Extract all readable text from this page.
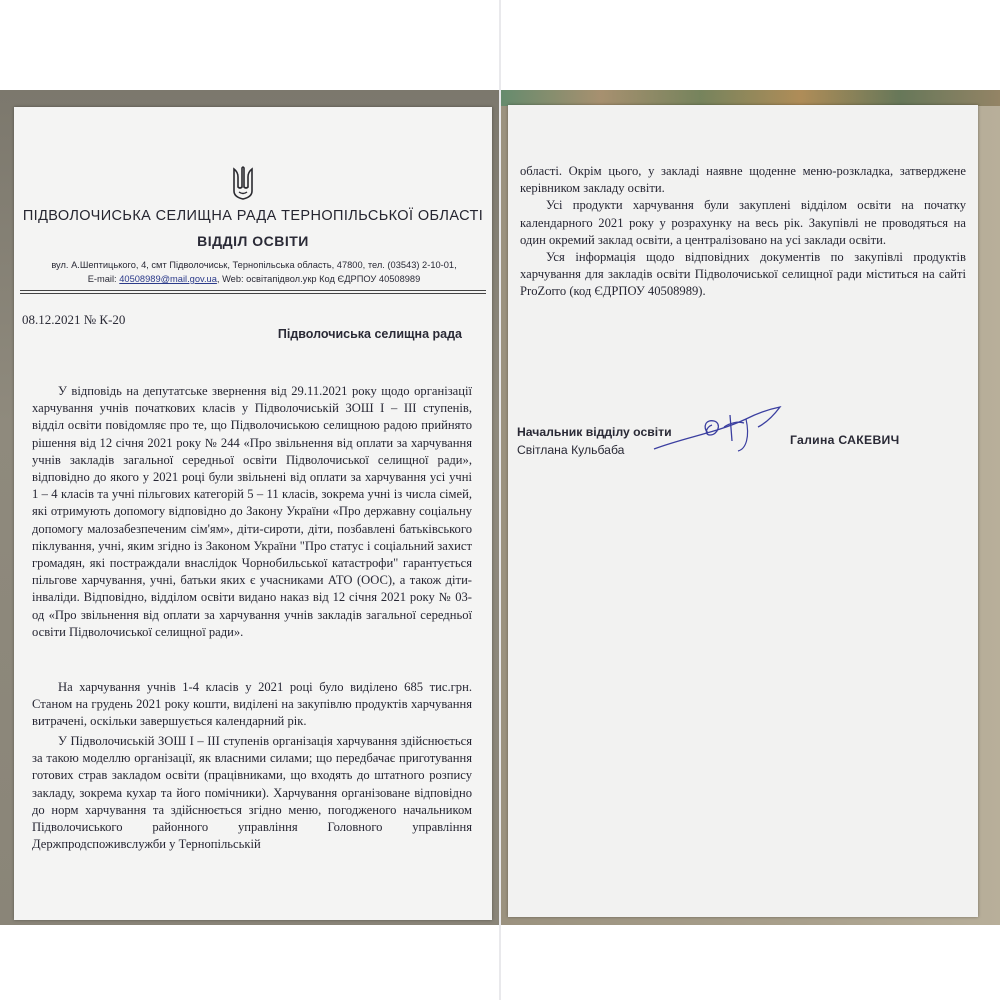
ПІДВОЛОЧИСЬКА СЕЛИЩНА РАДА ТЕРНОПІЛЬСЬКОЇ ОБЛАСТІ
ВІДДІЛ ОСВІТИ
вул. А.Шептицького, 4, смт Підволочиськ, Тернопільська область, 47800, тел. (03543) 2-10-01,
E-mail: 40508989@mail.gov.ua, Web: освітапідвол.укр Код ЄДРПОУ 40508989
08.12.2021 № К-20
Підволочиська селищна рада

У відповідь на депутатське звернення від 29.11.2021 року щодо організації харчування учнів початкових класів у Підволочиській ЗОШ І – ІІІ ступенів, відділ освіти повідомляє про те, що Підволочиською селищною радою прийнято рішення від 12 січня 2021 року № 244 «Про звільнення від оплати за харчування учнів закладів загальної середньої освіти Підволочиської селищної ради», відповідно до якого у 2021 році були звільнені від оплати за харчування усі учні 1 – 4 класів та учні пільгових категорій 5 – 11 класів, зокрема учні із числа сімей, які отримують допомогу відповідно до Закону України «Про державну соціальну допомогу малозабезпеченим сім'ям», діти-сироти, діти, позбавлені батьківського піклування, учні, яким згідно із Законом України "Про статус і соціальний захист громадян, які постраждали внаслідок Чорнобильської катастрофи" гарантується пільгове харчування, учні, батьки яких є учасниками АТО (ООС), а також діти-інваліди. Відповідно, відділом освіти видано наказ від 12 січня 2021 року № 03-од «Про звільнення від оплати за харчування учнів закладів загальної середньої освіти Підволочиської селищної ради».

На харчування учнів 1-4 класів у 2021 році було виділено 685 тис.грн. Станом на грудень 2021 року кошти, виділені на закупівлю продуктів харчування витрачені, оскільки завершується календарний рік.

У Підволочиській ЗОШ І – ІІІ ступенів організація харчування здійснюється за такою моделлю організації, як власними силами; що передбачає приготування готових страв закладом освіти (працівниками, що входять до штатного розпису закладу, зокрема кухар та його помічники). Харчування організоване відповідно до норм харчування та здійснюється згідно меню, погодженого начальником Підволочиського районного управління Головного управління Держпродспоживслужби у Тернопільській

області. Окрім цього, у закладі наявне щоденне меню-розкладка, затверджене керівником закладу освіти.

Усі продукти харчування були закуплені відділом освіти на початку календарного 2021 року у розрахунку на весь рік. Закупівлі не проводяться на один окремий заклад освіти, а централізовано на усі заклади освіти.

Уся інформація щодо відповідних документів по закупівлі продуктів харчування для закладів освіти Підволочиської селищної ради міститься на сайті ProZorro (код ЄДРПОУ 40508989).

Начальник відділу освіти
Світлана Кульбаба
Галина САКЕВИЧ
